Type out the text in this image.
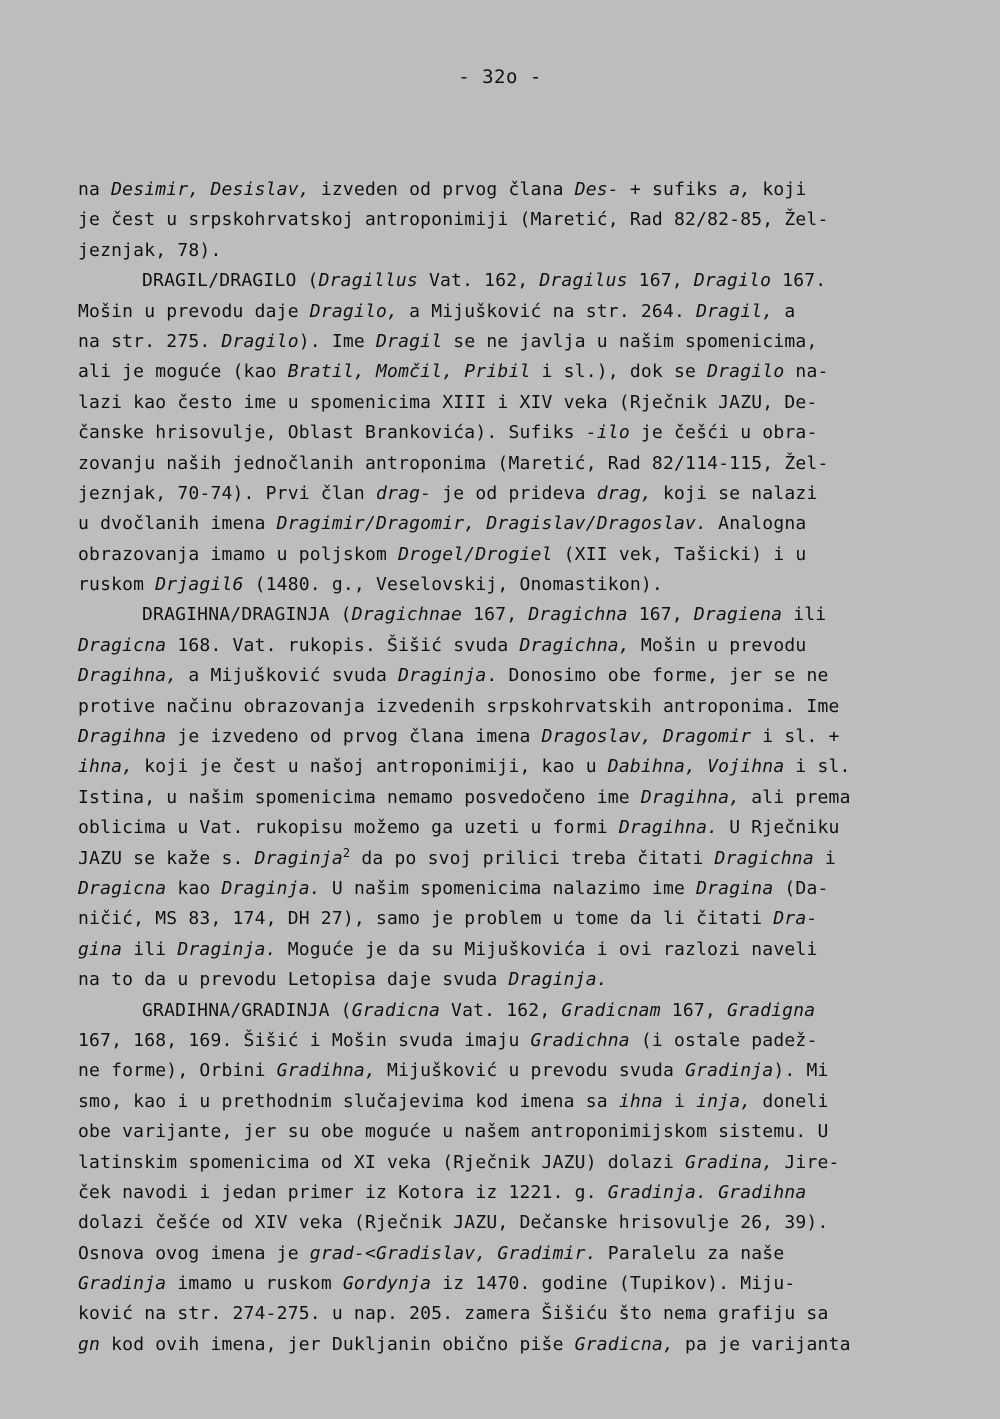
- 32o -
na Desimir, Desislav, izveden od prvog člana Des- + sufiks a, koji
je čest u srpskohrvatskoj antroponimiji (Maretić, Rad 82/82-85, Žel-
jeznjak, 78).
DRAGIL/DRAGILO (Dragillus Vat. 162, Dragilus 167, Dragilo 167.
Mošin u prevodu daje Dragilo, a Mijušković na str. 264. Dragil, a
na str. 275. Dragilo). Ime Dragil se ne javlja u našim spomenicima,
ali je moguće (kao Bratil, Momčil, Pribil i sl.), dok se Dragilo na-
lazi kao često ime u spomenicima XIII i XIV veka (Rječnik JAZU, De-
čanske hrisovulje, Oblast Brankovića). Sufiks -ilo je češći u obra-
zovanju naših jednočlanih antroponima (Maretić, Rad 82/114-115, Žel-
jeznjak, 70-74). Prvi član drag- je od prideva drag, koji se nalazi
u dvočlanih imena Dragimir/Dragomir, Dragislav/Dragoslav. Analogna
obrazovanja imamo u poljskom Drogel/Drogiel (XII vek, Tašicki) i u
ruskom Drjagil6 (1480. g., Veselovskij, Onomastikon).
DRAGIHNA/DRAGINJA (Dragichnae 167, Dragichna 167, Dragiena ili
Dragicna 168. Vat. rukopis. Šišić svuda Dragichna, Mošin u prevodu
Dragihna, a Mijušković svuda Draginja. Donosimo obe forme, jer se ne
protive načinu obrazovanja izvedenih srpskohrvatskih antroponima. Ime
Dragihna je izvedeno od prvog člana imena Dragoslav, Dragomir i sl. +
ihna, koji je čest u našoj antroponimiji, kao u Dabihna, Vojihna i sl.
Istina, u našim spomenicima nemamo posvedočeno ime Dragihna, ali prema
oblicima u Vat. rukopisu možemo ga uzeti u formi Dragihna. U Rječniku
JAZU se kaže s. Draginja$^2$ da po svoj prilici treba čitati Dragichna i
Dragicna kao Draginja. U našim spomenicima nalazimo ime Dragina (Da-
ničić, MS 83, 174, DH 27), samo je problem u tome da li čitati Dra-
gina ili Draginja. Moguće je da su Mijuškovića i ovi razlozi naveli
na to da u prevodu Letopisa daje svuda Draginja.
GRADIHNA/GRADINJA (Gradicna Vat. 162, Gradicnam 167, Gradigna
167, 168, 169. Šišić i Mošin svuda imaju Gradichna (i ostale padež-
ne forme), Orbini Gradihna, Mijušković u prevodu svuda Gradinja). Mi
smo, kao i u prethodnim slučajevima kod imena sa ihna i inja, doneli
obe varijante, jer su obe moguće u našem antroponimijskom sistemu. U
latinskim spomenicima od XI veka (Rječnik JAZU) dolazi Gradina, Jire-
ček navodi i jedan primer iz Kotora iz 1221. g. Gradinja. Gradihna
dolazi češće od XIV veka (Rječnik JAZU, Dečanske hrisovulje 26, 39).
Osnova ovog imena je grad-<Gradislav, Gradimir. Paralelu za naše
Gradinja imamo u ruskom Gordynja iz 1470. godine (Tupikov). Miju-
ković na str. 274-275. u nap. 205. zamera Šišiću što nema grafiju sa
gn kod ovih imena, jer Dukljanin obično piše Gradicna, pa je varijanta
